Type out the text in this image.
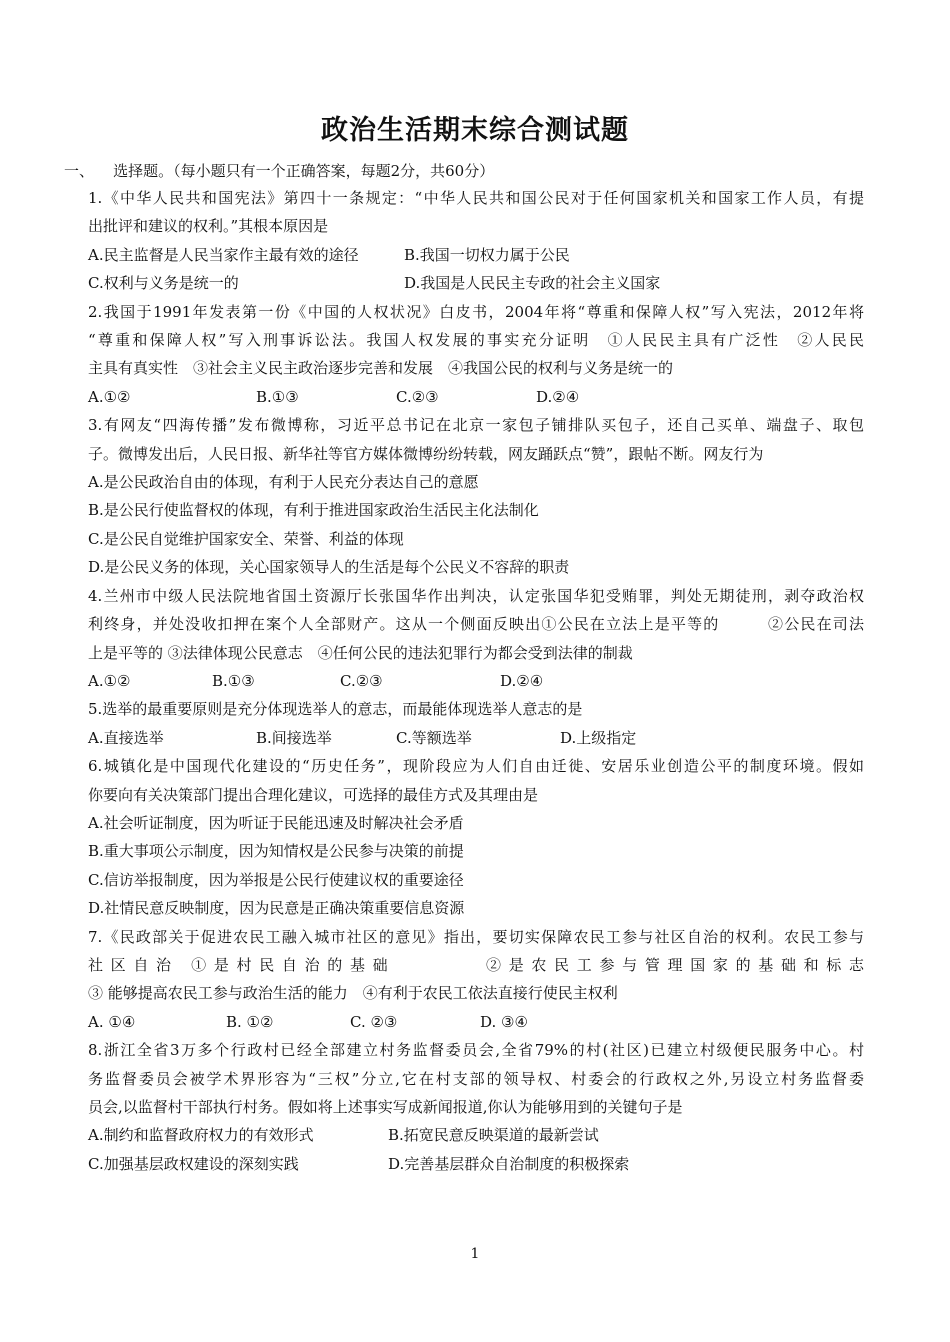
政治生活期末综合测试题
一、 选择题。（每小题只有一个正确答案，每题2分，共60分）
1.《中华人民共和国宪法》第四十一条规定：“中华人民共和国公民对于任何国家机关和国家工作人员，有提
出批评和建议的权利。”其根本原因是
A.民主监督是人民当家作主最有效的途径	B.我国一切权力属于公民
C.权利与义务是统一的	D.我国是人民民主专政的社会主义国家
2.我国于1991年发表第一份《中国的人权状况》白皮书，2004年将“尊重和保障人权”写入宪法，2012年将
“尊重和保障人权”写入刑事诉讼法。我国人权发展的事实充分证明　①人民民主具有广泛性　②人民民
主具有真实性　③社会主义民主政治逐步完善和发展　④我国公民的权利与义务是统一的
A.①②	B.①③	C.②③	D.②④
3.有网友“四海传播”发布微博称，习近平总书记在北京一家包子铺排队买包子，还自己买单、端盘子、取包
子。微博发出后，人民日报、新华社等官方媒体微博纷纷转载，网友踊跃点“赞”，跟帖不断。网友行为
A.是公民政治自由的体现，有利于人民充分表达自己的意愿
B.是公民行使监督权的体现，有利于推进国家政治生活民主化法制化
C.是公民自觉维护国家安全、荣誉、利益的体现
D.是公民义务的体现，关心国家领导人的生活是每个公民义不容辞的职责
4.兰州市中级人民法院地省国土资源厅长张国华作出判决，认定张国华犯受贿罪，判处无期徒刑，剥夺政治权
利终身，并处没收扣押在案个人全部财产。这从一个侧面反映出①公民在立法上是平等的　　　②公民在司法
上是平等的 ③法律体现公民意志　④任何公民的违法犯罪行为都会受到法律的制裁
A.①②	B.①③	C.②③	D.②④
5.选举的最重要原则是充分体现选举人的意志，而最能体现选举人意志的是
A.直接选举	B.间接选举	C.等额选举	D.上级指定
6.城镇化是中国现代化建设的“历史任务”，现阶段应为人们自由迁徙、安居乐业创造公平的制度环境。假如
你要向有关决策部门提出合理化建议，可选择的最佳方式及其理由是
A.社会听证制度，因为听证于民能迅速及时解决社会矛盾
B.重大事项公示制度，因为知情权是公民参与决策的前提
C.信访举报制度，因为举报是公民行使建议权的重要途径
D.社情民意反映制度，因为民意是正确决策重要信息资源
7.《民政部关于促进农民工融入城市社区的意见》指出，要切实保障农民工参与社区自治的权利。农民工参与
社区自治 ①是村民自治的基础　　　　②是农民工参与管理国家的基础和标志
③ 能够提高农民工参与政治生活的能力　④有利于农民工依法直接行使民主权利
A. ①④	B. ①②	C. ②③	D. ③④
8.浙江全省3万多个行政村已经全部建立村务监督委员会,全省79%的村(社区)已建立村级便民服务中心。村
务监督委员会被学术界形容为“三权”分立,它在村支部的领导权、村委会的行政权之外,另设立村务监督委
员会,以监督村干部执行村务。假如将上述事实写成新闻报道,你认为能够用到的关键句子是
A.制约和监督政府权力的有效形式	B.拓宽民意反映渠道的最新尝试
C.加强基层政权建设的深刻实践	D.完善基层群众自治制度的积极探索
1
